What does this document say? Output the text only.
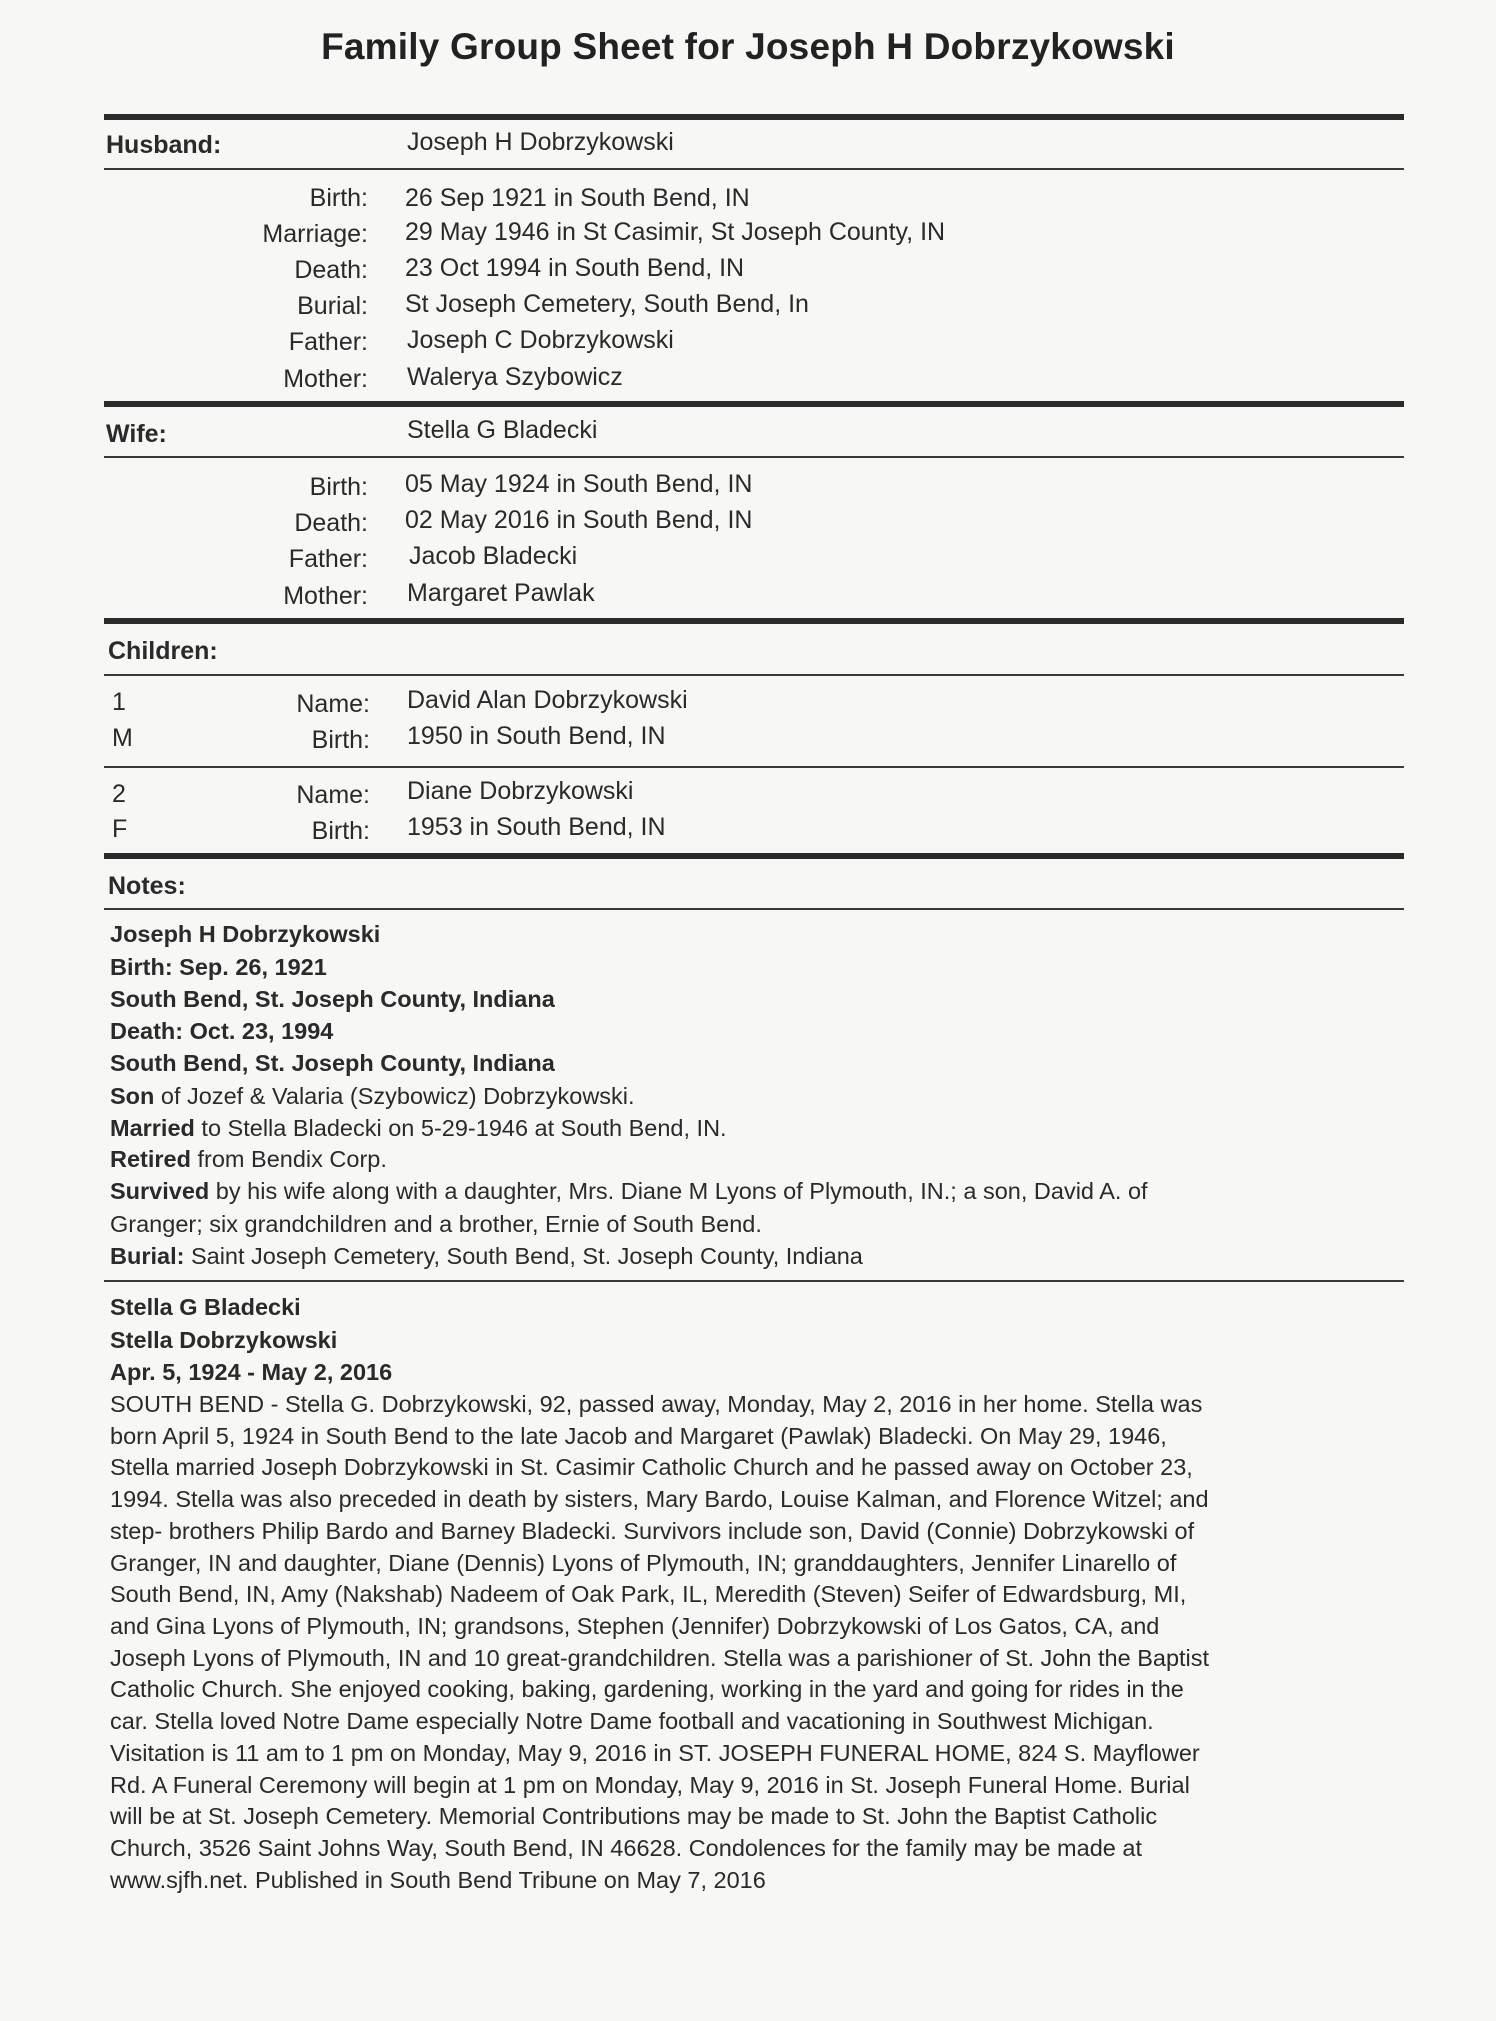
Family Group Sheet for Joseph H Dobrzykowski
Husband:	Joseph H Dobrzykowski
Birth: 26 Sep 1921 in South Bend, IN
Marriage: 29 May 1946 in St Casimir, St Joseph County, IN
Death: 23 Oct 1994 in South Bend, IN
Burial: St Joseph Cemetery, South Bend, In
Father: Joseph C Dobrzykowski
Mother: Walerya Szybowicz
Wife:	Stella G Bladecki
Birth: 05 May 1924 in South Bend, IN
Death: 02 May 2016 in South Bend, IN
Father: Jacob Bladecki
Mother: Margaret Pawlak
Children:
1
M
Name: David Alan Dobrzykowski
Birth: 1950 in South Bend, IN
2
F
Name: Diane Dobrzykowski
Birth: 1953 in South Bend, IN
Notes:
Joseph H Dobrzykowski
Birth: Sep. 26, 1921
South Bend, St. Joseph County, Indiana
Death: Oct. 23, 1994
South Bend, St. Joseph County, Indiana
Son of Jozef & Valaria (Szybowicz) Dobrzykowski.
Married to Stella Bladecki on 5-29-1946 at South Bend, IN.
Retired from Bendix Corp.
Survived by his wife along with a daughter, Mrs. Diane M Lyons of Plymouth, IN.; a son, David A. of
Granger; six grandchildren and a brother, Ernie of South Bend.
Burial: Saint Joseph Cemetery, South Bend, St. Joseph County, Indiana
Stella G Bladecki
Stella Dobrzykowski
Apr. 5, 1924 - May 2, 2016
SOUTH BEND - Stella G. Dobrzykowski, 92, passed away, Monday, May 2, 2016 in her home. Stella was
born April 5, 1924 in South Bend to the late Jacob and Margaret (Pawlak) Bladecki. On May 29, 1946,
Stella married Joseph Dobrzykowski in St. Casimir Catholic Church and he passed away on October 23,
1994. Stella was also preceded in death by sisters, Mary Bardo, Louise Kalman, and Florence Witzel; and
step- brothers Philip Bardo and Barney Bladecki. Survivors include son, David (Connie) Dobrzykowski of
Granger, IN and daughter, Diane (Dennis) Lyons of Plymouth, IN; granddaughters, Jennifer Linarello of
South Bend, IN, Amy (Nakshab) Nadeem of Oak Park, IL, Meredith (Steven) Seifer of Edwardsburg, MI,
and Gina Lyons of Plymouth, IN; grandsons, Stephen (Jennifer) Dobrzykowski of Los Gatos, CA, and
Joseph Lyons of Plymouth, IN and 10 great-grandchildren. Stella was a parishioner of St. John the Baptist
Catholic Church. She enjoyed cooking, baking, gardening, working in the yard and going for rides in the
car. Stella loved Notre Dame especially Notre Dame football and vacationing in Southwest Michigan.
Visitation is 11 am to 1 pm on Monday, May 9, 2016 in ST. JOSEPH FUNERAL HOME, 824 S. Mayflower
Rd. A Funeral Ceremony will begin at 1 pm on Monday, May 9, 2016 in St. Joseph Funeral Home. Burial
will be at St. Joseph Cemetery. Memorial Contributions may be made to St. John the Baptist Catholic
Church, 3526 Saint Johns Way, South Bend, IN 46628. Condolences for the family may be made at
www.sjfh.net. Published in South Bend Tribune on May 7, 2016
